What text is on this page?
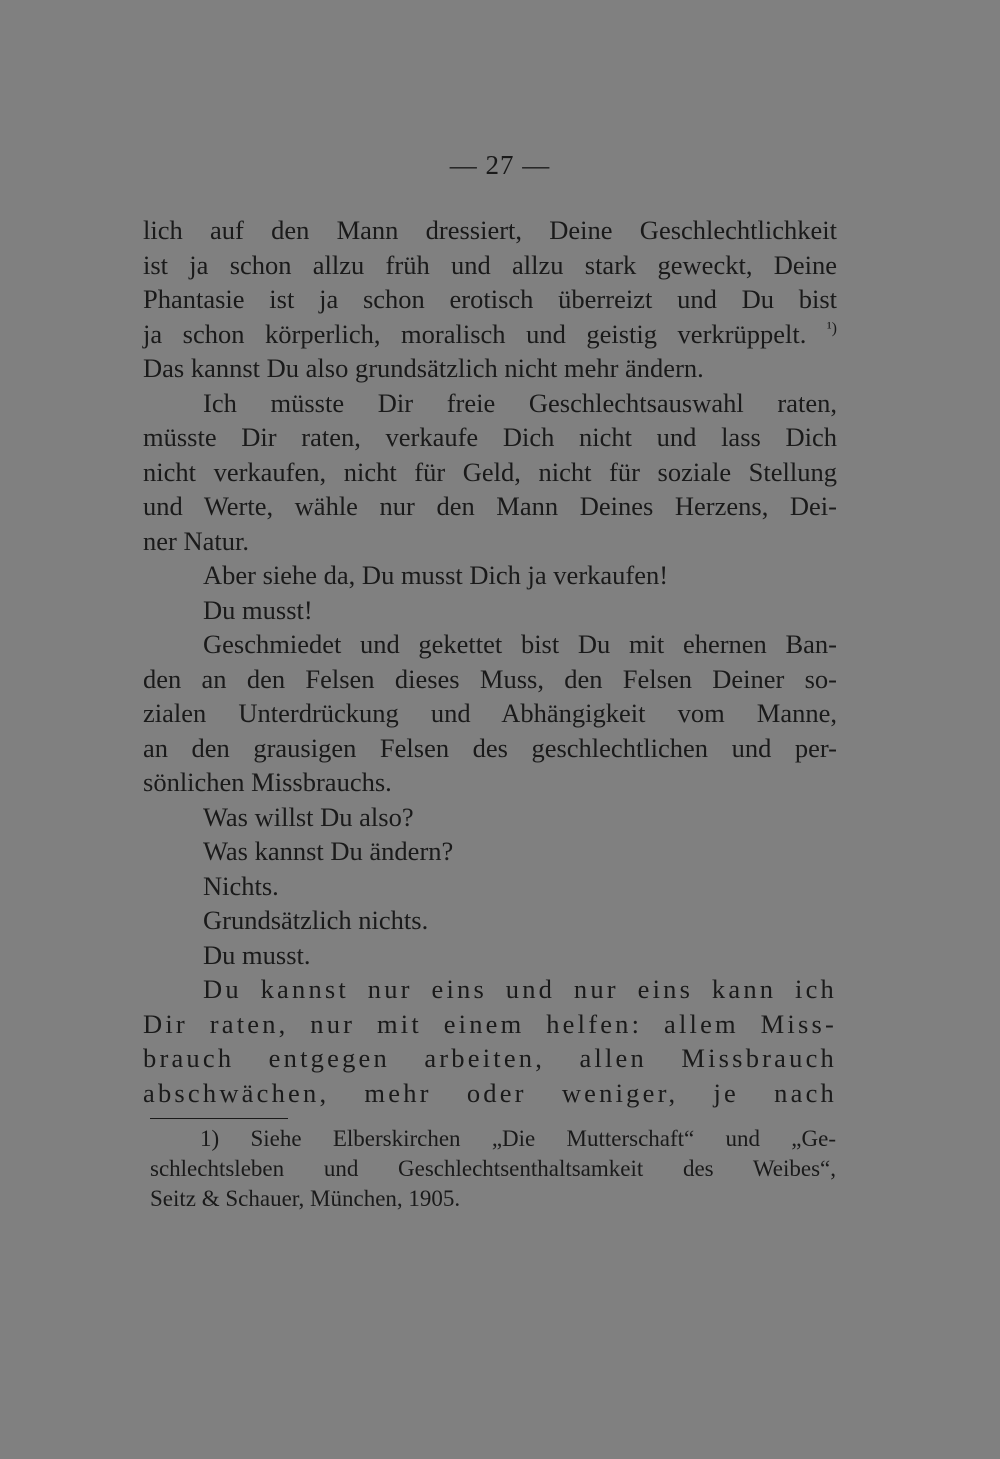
— 27 —
lich auf den Mann dressiert, Deine Geschlechtlichkeit
ist ja schon allzu früh und allzu stark geweckt, Deine
Phantasie ist ja schon erotisch überreizt und Du bist
ja schon körperlich, moralisch und geistig verkrüppelt. $^{^1)}$
Das kannst Du also grundsätzlich nicht mehr ändern.
Ich müsste Dir freie Geschlechtsauswahl raten,
müsste Dir raten, verkaufe Dich nicht und lass Dich
nicht verkaufen, nicht für Geld, nicht für soziale Stellung
und Werte, wähle nur den Mann Deines Herzens, Dei-
ner Natur.
Aber siehe da, Du musst Dich ja verkaufen!
Du musst!
Geschmiedet und gekettet bist Du mit ehernen Ban-
den an den Felsen dieses Muss, den Felsen Deiner so-
zialen Unterdrückung und Abhängigkeit vom Manne,
an den grausigen Felsen des geschlechtlichen und per-
sönlichen Missbrauchs.
Was willst Du also?
Was kannst Du ändern?
Nichts.
Grundsätzlich nichts.
Du musst.
Du kannst nur eins und nur eins kann ich
Dir raten, nur mit einem helfen: allem Miss-
brauch entgegen arbeiten, allen Missbrauch
abschwächen, mehr oder weniger, je nach
1) Siehe Elberskirchen „Die Mutterschaft“ und „Ge-
schlechtsleben und Geschlechtsenthaltsamkeit des Weibes“,
Seitz & Schauer, München, 1905.
